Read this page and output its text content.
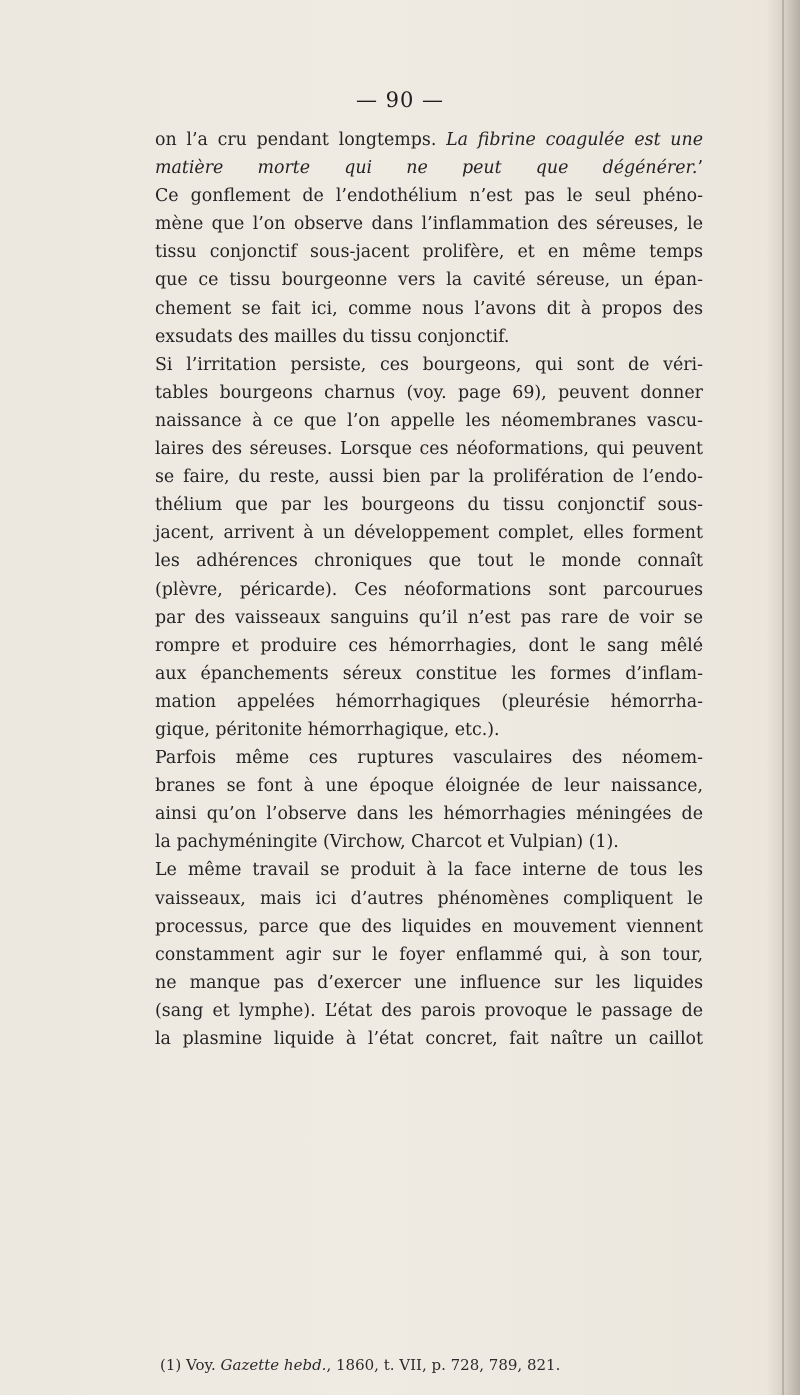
— 90 —
on l’a cru pendant longtemps. La fibrine coagulée est une
matière morte qui ne peut que dégénérer.’
Ce gonflement de l’endothélium n’est pas le seul phéno-
mène que l’on observe dans l’inflammation des séreuses, le
tissu conjonctif sous-jacent prolifère, et en même temps
que ce tissu bourgeonne vers la cavité séreuse, un épan-
chement se fait ici, comme nous l’avons dit à propos des
exsudats des mailles du tissu conjonctif.
Si l’irritation persiste, ces bourgeons, qui sont de véri-
tables bourgeons charnus (voy. page 69), peuvent donner
naissance à ce que l’on appelle les néomembranes vascu-
laires des séreuses. Lorsque ces néoformations, qui peuvent
se faire, du reste, aussi bien par la prolifération de l’endo-
thélium que par les bourgeons du tissu conjonctif sous-
jacent, arrivent à un développement complet, elles forment
les adhérences chroniques que tout le monde connaît
(plèvre, péricarde). Ces néoformations sont parcourues
par des vaisseaux sanguins qu’il n’est pas rare de voir se
rompre et produire ces hémorrhagies, dont le sang mêlé
aux épanchements séreux constitue les formes d’inflam-
mation appelées hémorrhagiques (pleurésie hémorrha-
gique, péritonite hémorrhagique, etc.).
Parfois même ces ruptures vasculaires des néomem-
branes se font à une époque éloignée de leur naissance,
ainsi qu’on l’observe dans les hémorrhagies méningées de
la pachyméningite (Virchow, Charcot et Vulpian) (1).
Le même travail se produit à la face interne de tous les
vaisseaux, mais ici d’autres phénomènes compliquent le
processus, parce que des liquides en mouvement viennent
constamment agir sur le foyer enflammé qui, à son tour,
ne manque pas d’exercer une influence sur les liquides
(sang et lymphe). L’état des parois provoque le passage de
la plasmine liquide à l’état concret, fait naître un caillot
(1) Voy. Gazette hebd., 1860, t. VII, p. 728, 789, 821.
